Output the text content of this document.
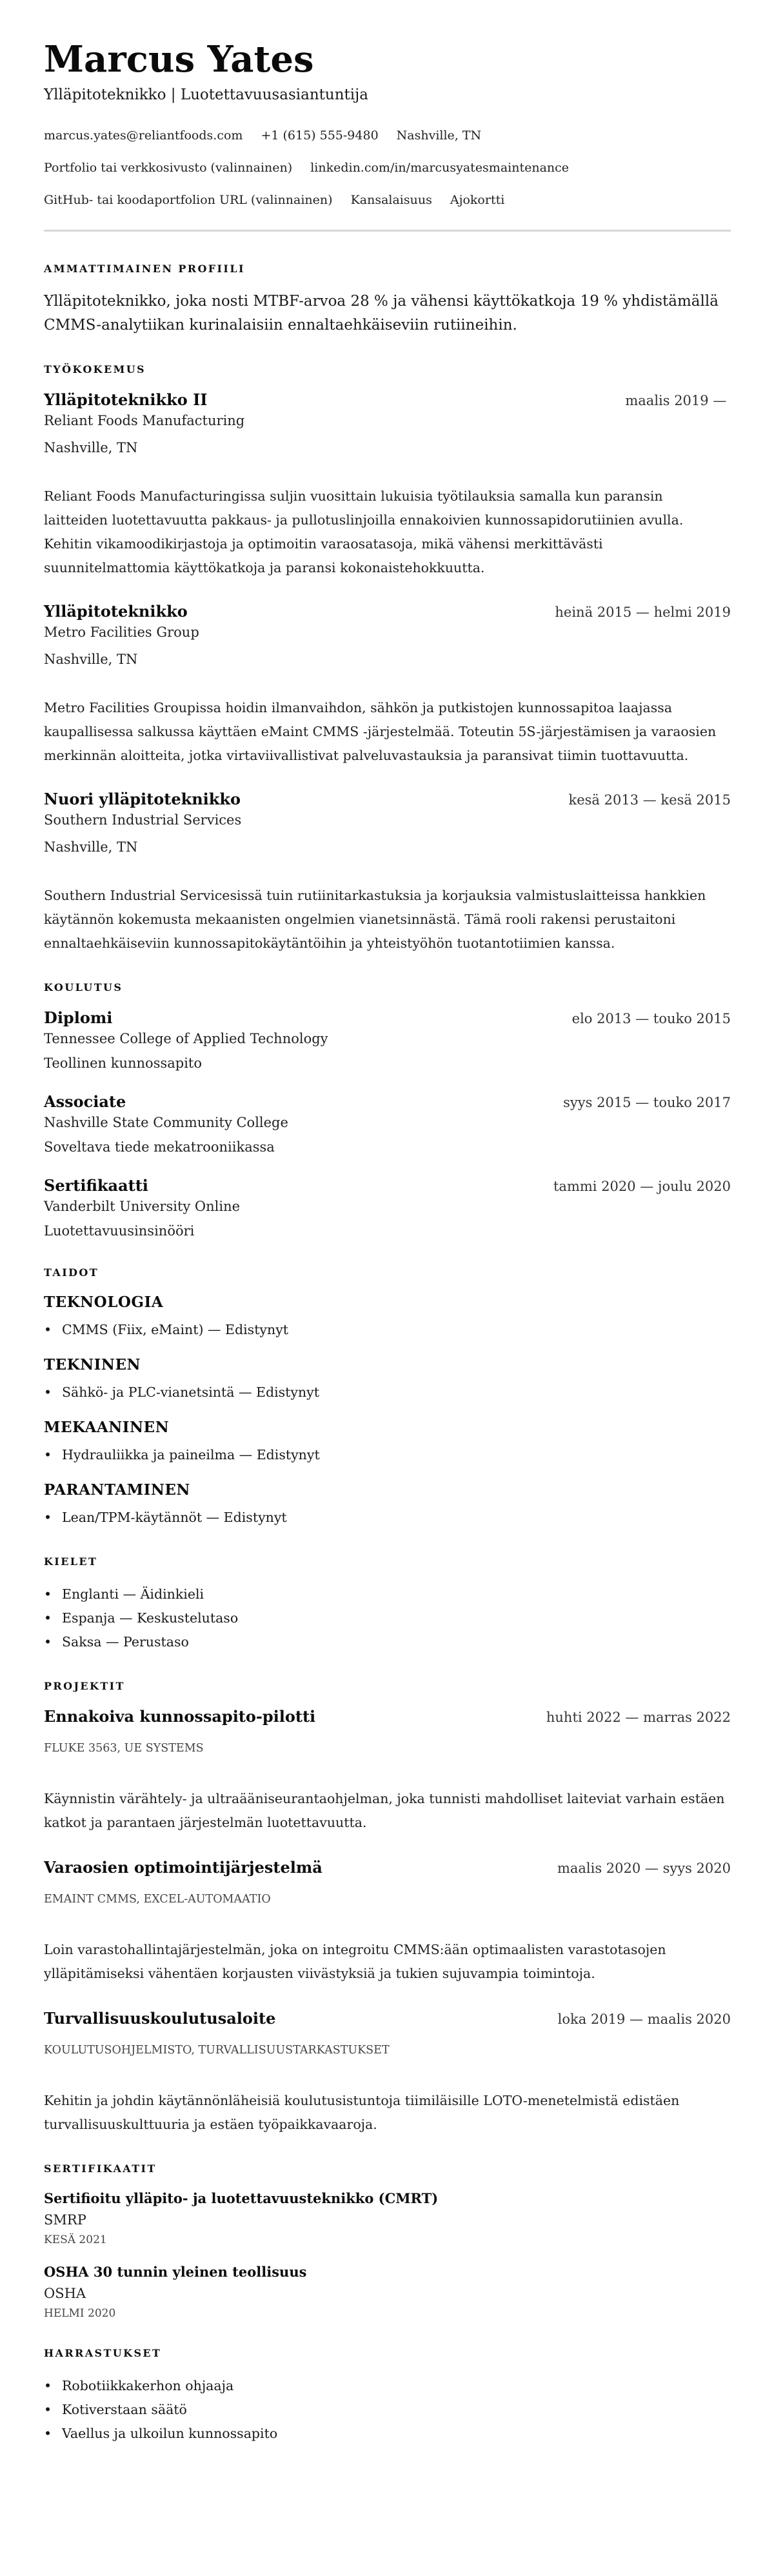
Marcus Yates
Ylläpitoteknikko | Luotettavuusasiantuntija
marcus.yates@reliantfoods.com +1 (615) 555-9480 Nashville, TN
Portfolio tai verkkosivusto (valinnainen) linkedin.com/in/marcusyatesmaintenance
GitHub- tai koodaportfolion URL (valinnainen) Kansalaisuus Ajokortti
AMMATTIMAINEN PROFIILI

Ylläpitoteknikko, joka nosti MTBF-arvoa 28 % ja vähensi käyttökatkoja 19 % yhdistämällä CMMS-analytiikan kurinalaisiin ennaltaehkäiseviin rutiineihin.

TYÖKOKEMUS
Ylläpitoteknikko II	maalis 2019 —
Reliant Foods Manufacturing
Nashville, TN

Reliant Foods Manufacturingissa suljin vuosittain lukuisia työtilauksia samalla kun paransin laitteiden luotettavuutta pakkaus- ja pullotuslinjoilla ennakoivien kunnossapidorutiinien avulla. Kehitin vikamoodikirjastoja ja optimoitin varaosatasoja, mikä vähensi merkittävästi suunnitelmattomia käyttökatkoja ja paransi kokonaistehokkuutta.

Ylläpitoteknikko	heinä 2015 — helmi 2019
Metro Facilities Group
Nashville, TN

Metro Facilities Groupissa hoidin ilmanvaihdon, sähkön ja putkistojen kunnossapitoa laajassa kaupallisessa salkussa käyttäen eMaint CMMS -järjestelmää. Toteutin 5S-järjestämisen ja varaosien merkinnän aloitteita, jotka virtaviivallistivat palveluvastauksia ja paransivat tiimin tuottavuutta.

Nuori ylläpitoteknikko	kesä 2013 — kesä 2015
Southern Industrial Services
Nashville, TN

Southern Industrial Servicesissä tuin rutiinitarkastuksia ja korjauksia valmistuslaitteissa hankkien käytännön kokemusta mekaanisten ongelmien vianetsinnästä. Tämä rooli rakensi perustaitoni ennaltaehkäiseviin kunnossapitokäytäntöihin ja yhteistyöhön tuotantotiimien kanssa.

KOULUTUS
Diplomi	elo 2013 — touko 2015
Tennessee College of Applied Technology
Teollinen kunnossapito
Associate	syys 2015 — touko 2017
Nashville State Community College
Soveltava tiede mekatrooniikassa
Sertifikaatti	tammi 2020 — joulu 2020
Vanderbilt University Online
Luotettavuusinsinööri
TAIDOT
TEKNOLOGIA
• CMMS (Fiix, eMaint) — Edistynyt
TEKNINEN
• Sähkö- ja PLC-vianetsintä — Edistynyt
MEKAANINEN
• Hydrauliikka ja paineilma — Edistynyt
PARANTAMINEN
• Lean/TPM-käytännöt — Edistynyt
KIELET
• Englanti — Äidinkieli
• Espanja — Keskustelutaso
• Saksa — Perustaso
PROJEKTIT
Ennakoiva kunnossapito-pilotti	huhti 2022 — marras 2022
FLUKE 3563, UE SYSTEMS

Käynnistin värähtely- ja ultraääniseurantaohjelman, joka tunnisti mahdolliset laiteviat varhain estäen katkot ja parantaen järjestelmän luotettavuutta.

Varaosien optimointijärjestelmä	maalis 2020 — syys 2020
EMAINT CMMS, EXCEL-AUTOMAATIO

Loin varastohallintajärjestelmän, joka on integroitu CMMS:ään optimaalisten varastotasojen ylläpitämiseksi vähentäen korjausten viivästyksiä ja tukien sujuvampia toimintoja.

Turvallisuuskoulutusaloite	loka 2019 — maalis 2020
KOULUTUSOHJELMISTO, TURVALLISUUSTARKASTUKSET

Kehitin ja johdin käytännönläheisiä koulutusistuntoja tiimiläisille LOTO-menetelmistä edistäen turvallisuuskulttuuria ja estäen työpaikkavaaroja.

SERTIFIKAATIT
Sertifioitu ylläpito- ja luotettavuusteknikko (CMRT)
SMRP
KESÄ 2021
OSHA 30 tunnin yleinen teollisuus
OSHA
HELMI 2020
HARRASTUKSET
• Robotiikkakerhon ohjaaja
• Kotiverstaan säätö
• Vaellus ja ulkoilun kunnossapito
